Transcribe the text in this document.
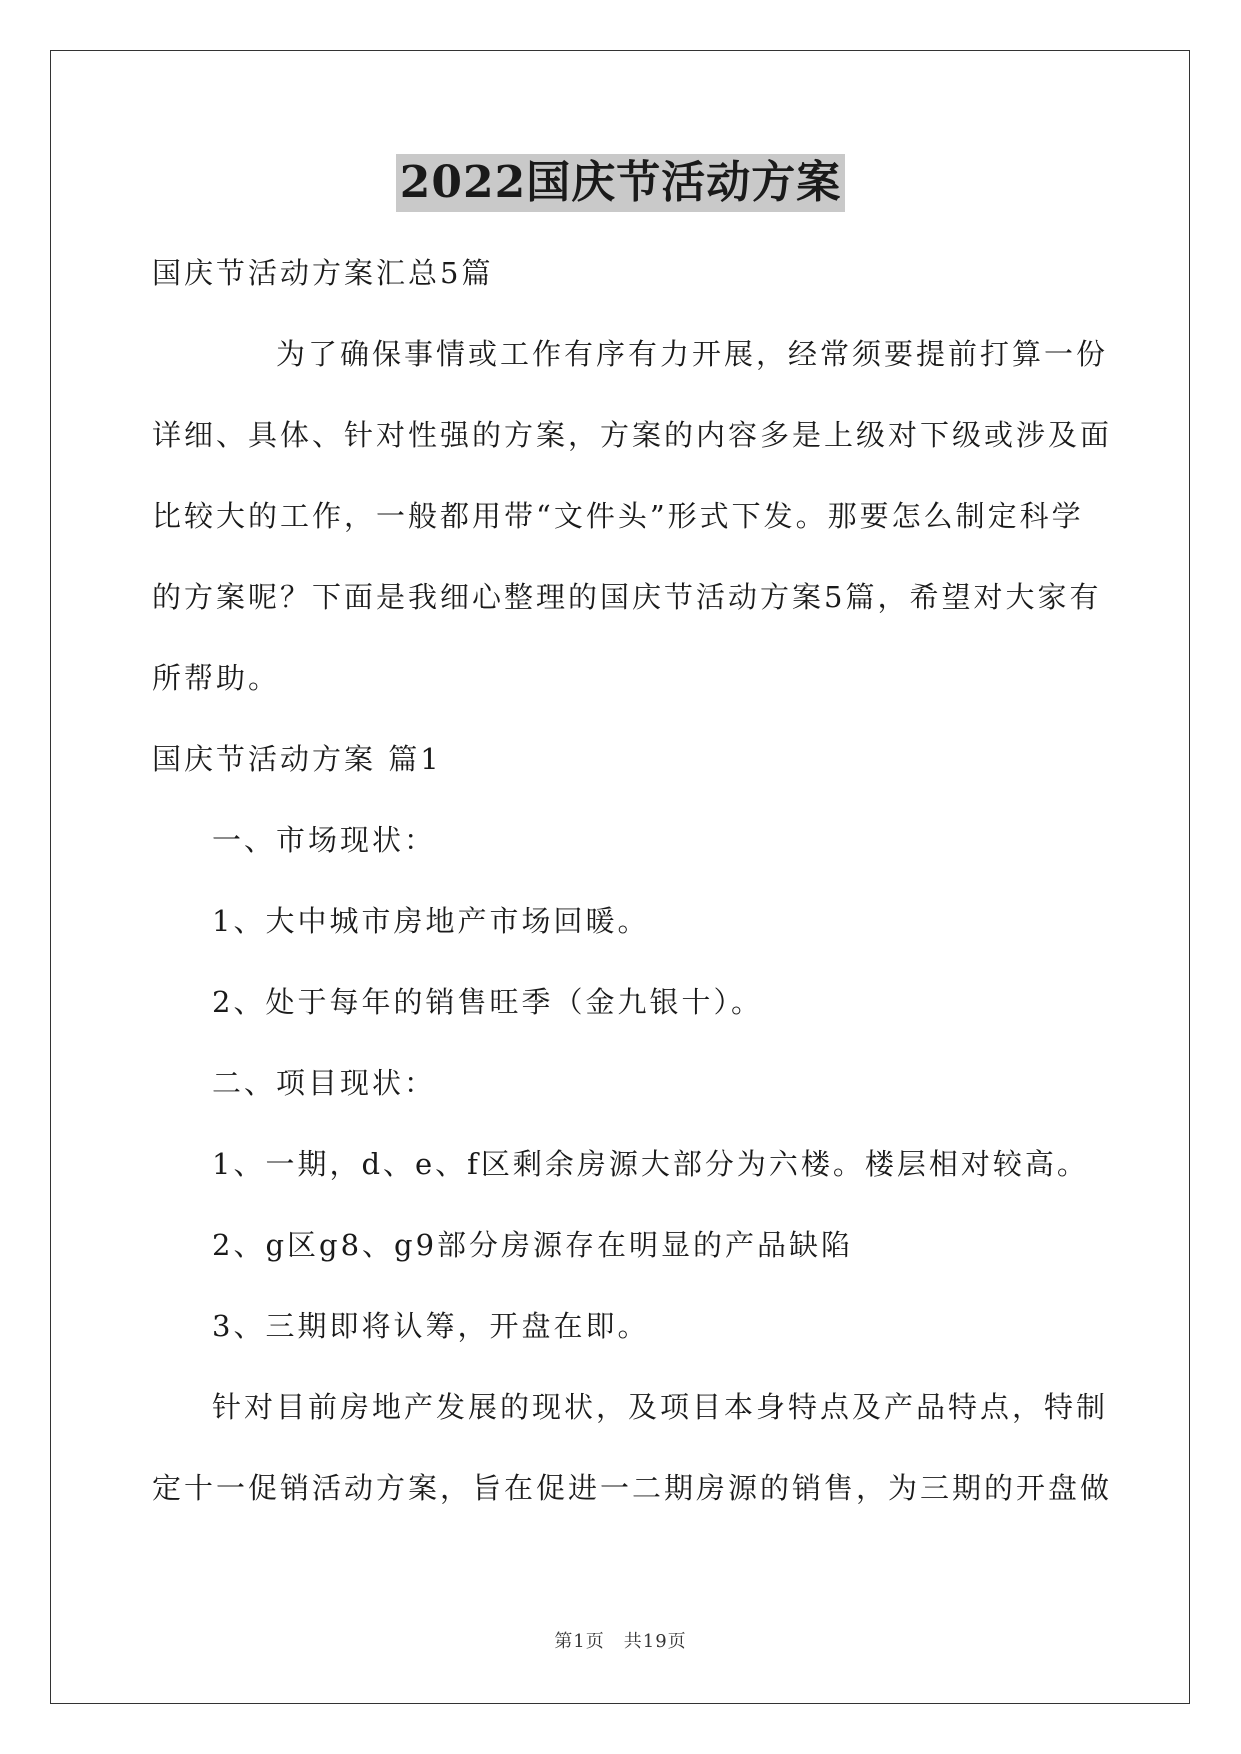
2022国庆节活动方案
国庆节活动方案汇总5篇
为了确保事情或工作有序有力开展，经常须要提前打算一份
详细、具体、针对性强的方案，方案的内容多是上级对下级或涉及面
比较大的工作，一般都用带“文件头”形式下发。那要怎么制定科学
的方案呢？下面是我细心整理的国庆节活动方案5篇，希望对大家有
所帮助。
国庆节活动方案 篇1
一、市场现状：
1、大中城市房地产市场回暖。
2、处于每年的销售旺季（金九银十）。
二、项目现状：
1、一期，d、e、f区剩余房源大部分为六楼。楼层相对较高。
2、g区g8、g9部分房源存在明显的产品缺陷
3、三期即将认筹，开盘在即。
针对目前房地产发展的现状，及项目本身特点及产品特点，特制
定十一促销活动方案，旨在促进一二期房源的销售，为三期的开盘做
第1页　共19页
